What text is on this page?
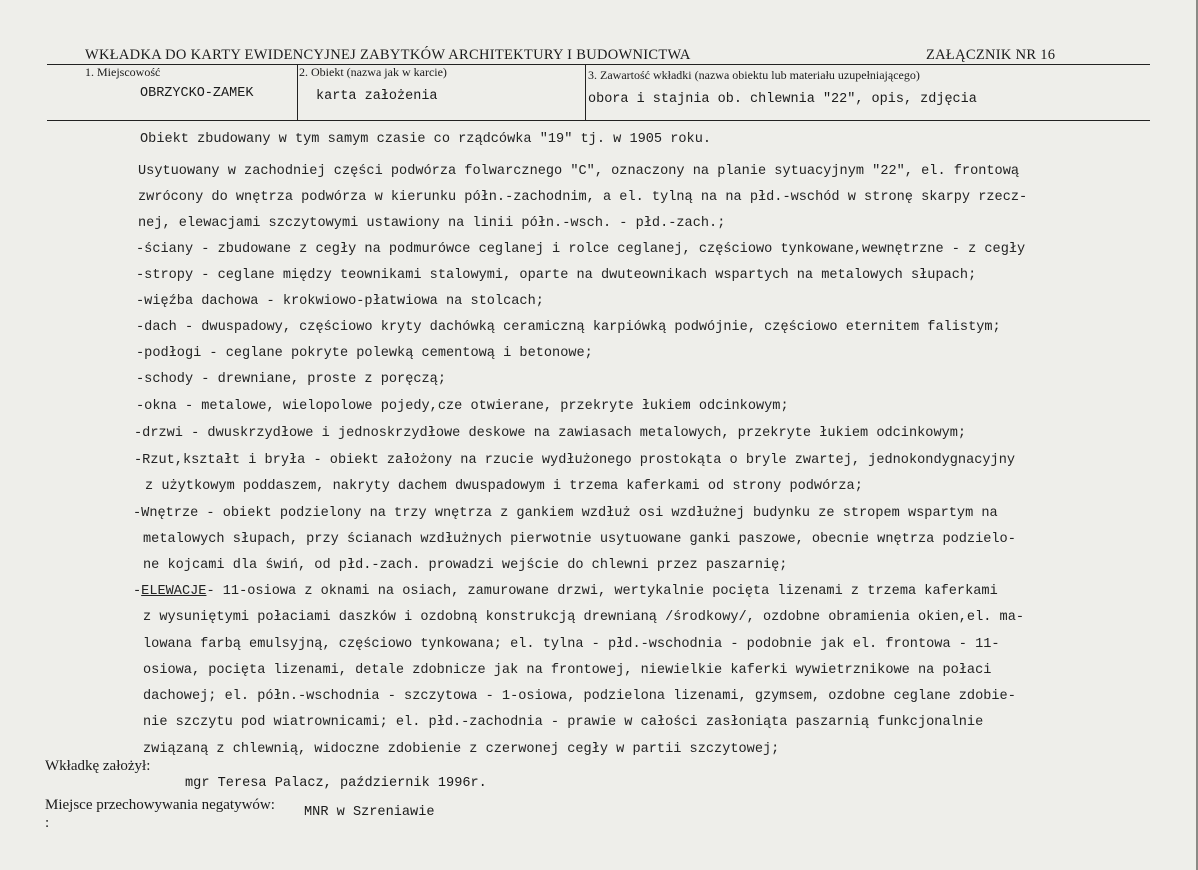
WKŁADKA DO KARTY EWIDENCYJNEJ ZABYTKÓW ARCHITEKTURY I BUDOWNICTWA	ZAŁĄCZNIK NR 16
1. Miejscowość
OBRZYCKO-ZAMEK
2. Obiekt (nazwa jak w karcie)
karta założenia
3. Zawartość wkładki (nazwa obiektu lub materiału uzupełniającego)
obora i stajnia ob. chlewnia "22", opis, zdjęcia
Obiekt zbudowany w tym samym czasie co rządcówka "19" tj. w 1905 roku.
Usytuowany w zachodniej części podwórza folwarcznego "C", oznaczony na planie sytuacyjnym "22", el. frontową
zwrócony do wnętrza podwórza w kierunku półn.-zachodnim, a el. tylną na na płd.-wschód w stronę skarpy rzecz-
nej, elewacjami szczytowymi ustawiony na linii półn.-wsch. - płd.-zach.;
-ściany - zbudowane z cegły na podmurówce ceglanej i rolce ceglanej, częściowo tynkowane,wewnętrzne - z cegły
-stropy - ceglane między teownikami stalowymi, oparte na dwuteownikach wspartych na metalowych słupach;
-więźba dachowa - krokwiowo-płatwiowa na stolcach;
-dach - dwuspadowy, częściowo kryty dachówką ceramiczną karpiówką podwójnie, częściowo eternitem falistym;
-podłogi - ceglane pokryte polewką cementową i betonowe;
-schody - drewniane, proste z poręczą;
-okna - metalowe, wielopolowe pojedy,cze otwierane, przekryte łukiem odcinkowym;
-drzwi - dwuskrzydłowe i jednoskrzydłowe deskowe na zawiasach metalowych, przekryte łukiem odcinkowym;
-Rzut,kształt i bryła - obiekt założony na rzucie wydłużonego prostokąta o bryle zwartej, jednokondygnacyjny
z użytkowym poddaszem, nakryty dachem dwuspadowym i trzema kaferkami od strony podwórza;
-Wnętrze - obiekt podzielony na trzy wnętrza z gankiem wzdłuż osi wzdłużnej budynku ze stropem wspartym na
metalowych słupach, przy ścianach wzdłużnych pierwotnie usytuowane ganki paszowe, obecnie wnętrza podzielo-
ne kojcami dla świń, od płd.-zach. prowadzi wejście do chlewni przez paszarnię;
-ELEWACJE- 11-osiowa z oknami na osiach, zamurowane drzwi, wertykalnie pocięta lizenami z trzema kaferkami
z wysuniętymi połaciami daszków i ozdobną konstrukcją drewnianą /środkowy/, ozdobne obramienia okien,el. ma-
lowana farbą emulsyjną, częściowo tynkowana; el. tylna - płd.-wschodnia - podobnie jak el. frontowa - 11-
osiowa, pocięta lizenami, detale zdobnicze jak na frontowej, niewielkie kaferki wywietrznikowe na połaci
dachowej; el. półn.-wschodnia - szczytowa - 1-osiowa, podzielona lizenami, gzymsem, ozdobne ceglane zdobie-
nie szczytu pod wiatrownicami; el. płd.-zachodnia - prawie w całości zasłoniąta paszarnią funkcjonalnie
związaną z chlewnią, widoczne zdobienie z czerwonej cegły w partii szczytowej;
Wkładkę założył:
mgr Teresa Palacz, październik 1996r.
Miejsce przechowywania negatywów: MNR w Szreniawie
:
